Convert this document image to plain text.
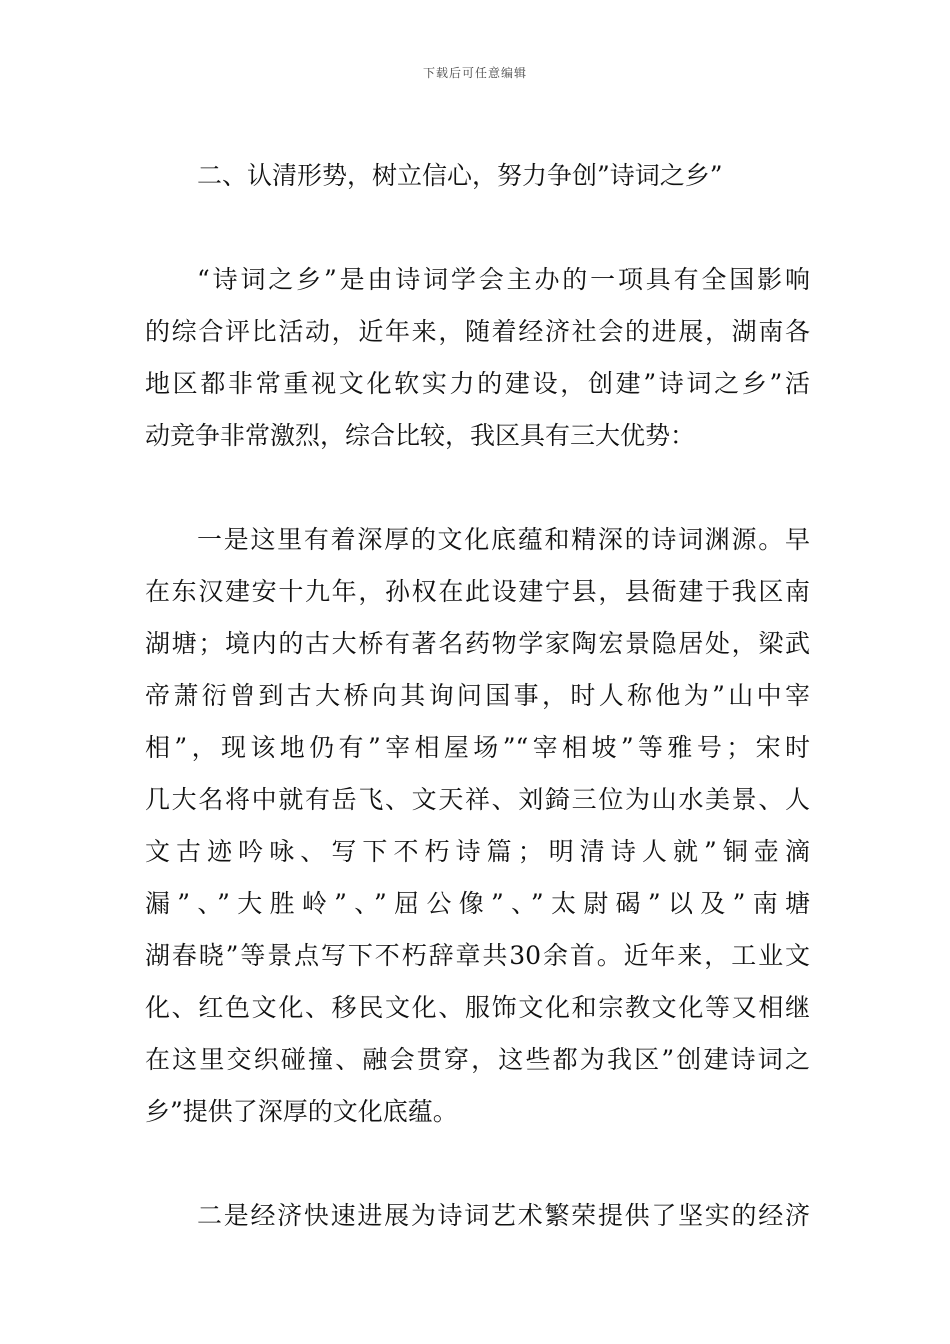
下载后可任意编辑
二、认清形势，树立信心，努力争创”诗词之乡”
“诗词之乡”是由诗词学会主办的一项具有全国影响
的综合评比活动，近年来，随着经济社会的进展，湖南各
地区都非常重视文化软实力的建设，创建”诗词之乡”活
动竞争非常激烈，综合比较，我区具有三大优势：
一是这里有着深厚的文化底蕴和精深的诗词渊源。早
在东汉建安十九年，孙权在此设建宁县，县衙建于我区南
湖塘；境内的古大桥有著名药物学家陶宏景隐居处，梁武
帝萧衍曾到古大桥向其询问国事，时人称他为”山中宰
相”，现该地仍有”宰相屋场”“宰相坡”等雅号；宋时
几大名将中就有岳飞、文天祥、刘錡三位为山水美景、人
文古迹吟咏、写下不朽诗篇；明清诗人就”铜壶滴
漏”、”大胜岭”、”屈公像”、”太尉碣”以及”南塘
湖春晓”等景点写下不朽辞章共30余首。近年来，工业文
化、红色文化、移民文化、服饰文化和宗教文化等又相继
在这里交织碰撞、融会贯穿，这些都为我区”创建诗词之
乡”提供了深厚的文化底蕴。
二是经济快速进展为诗词艺术繁荣提供了坚实的经济
